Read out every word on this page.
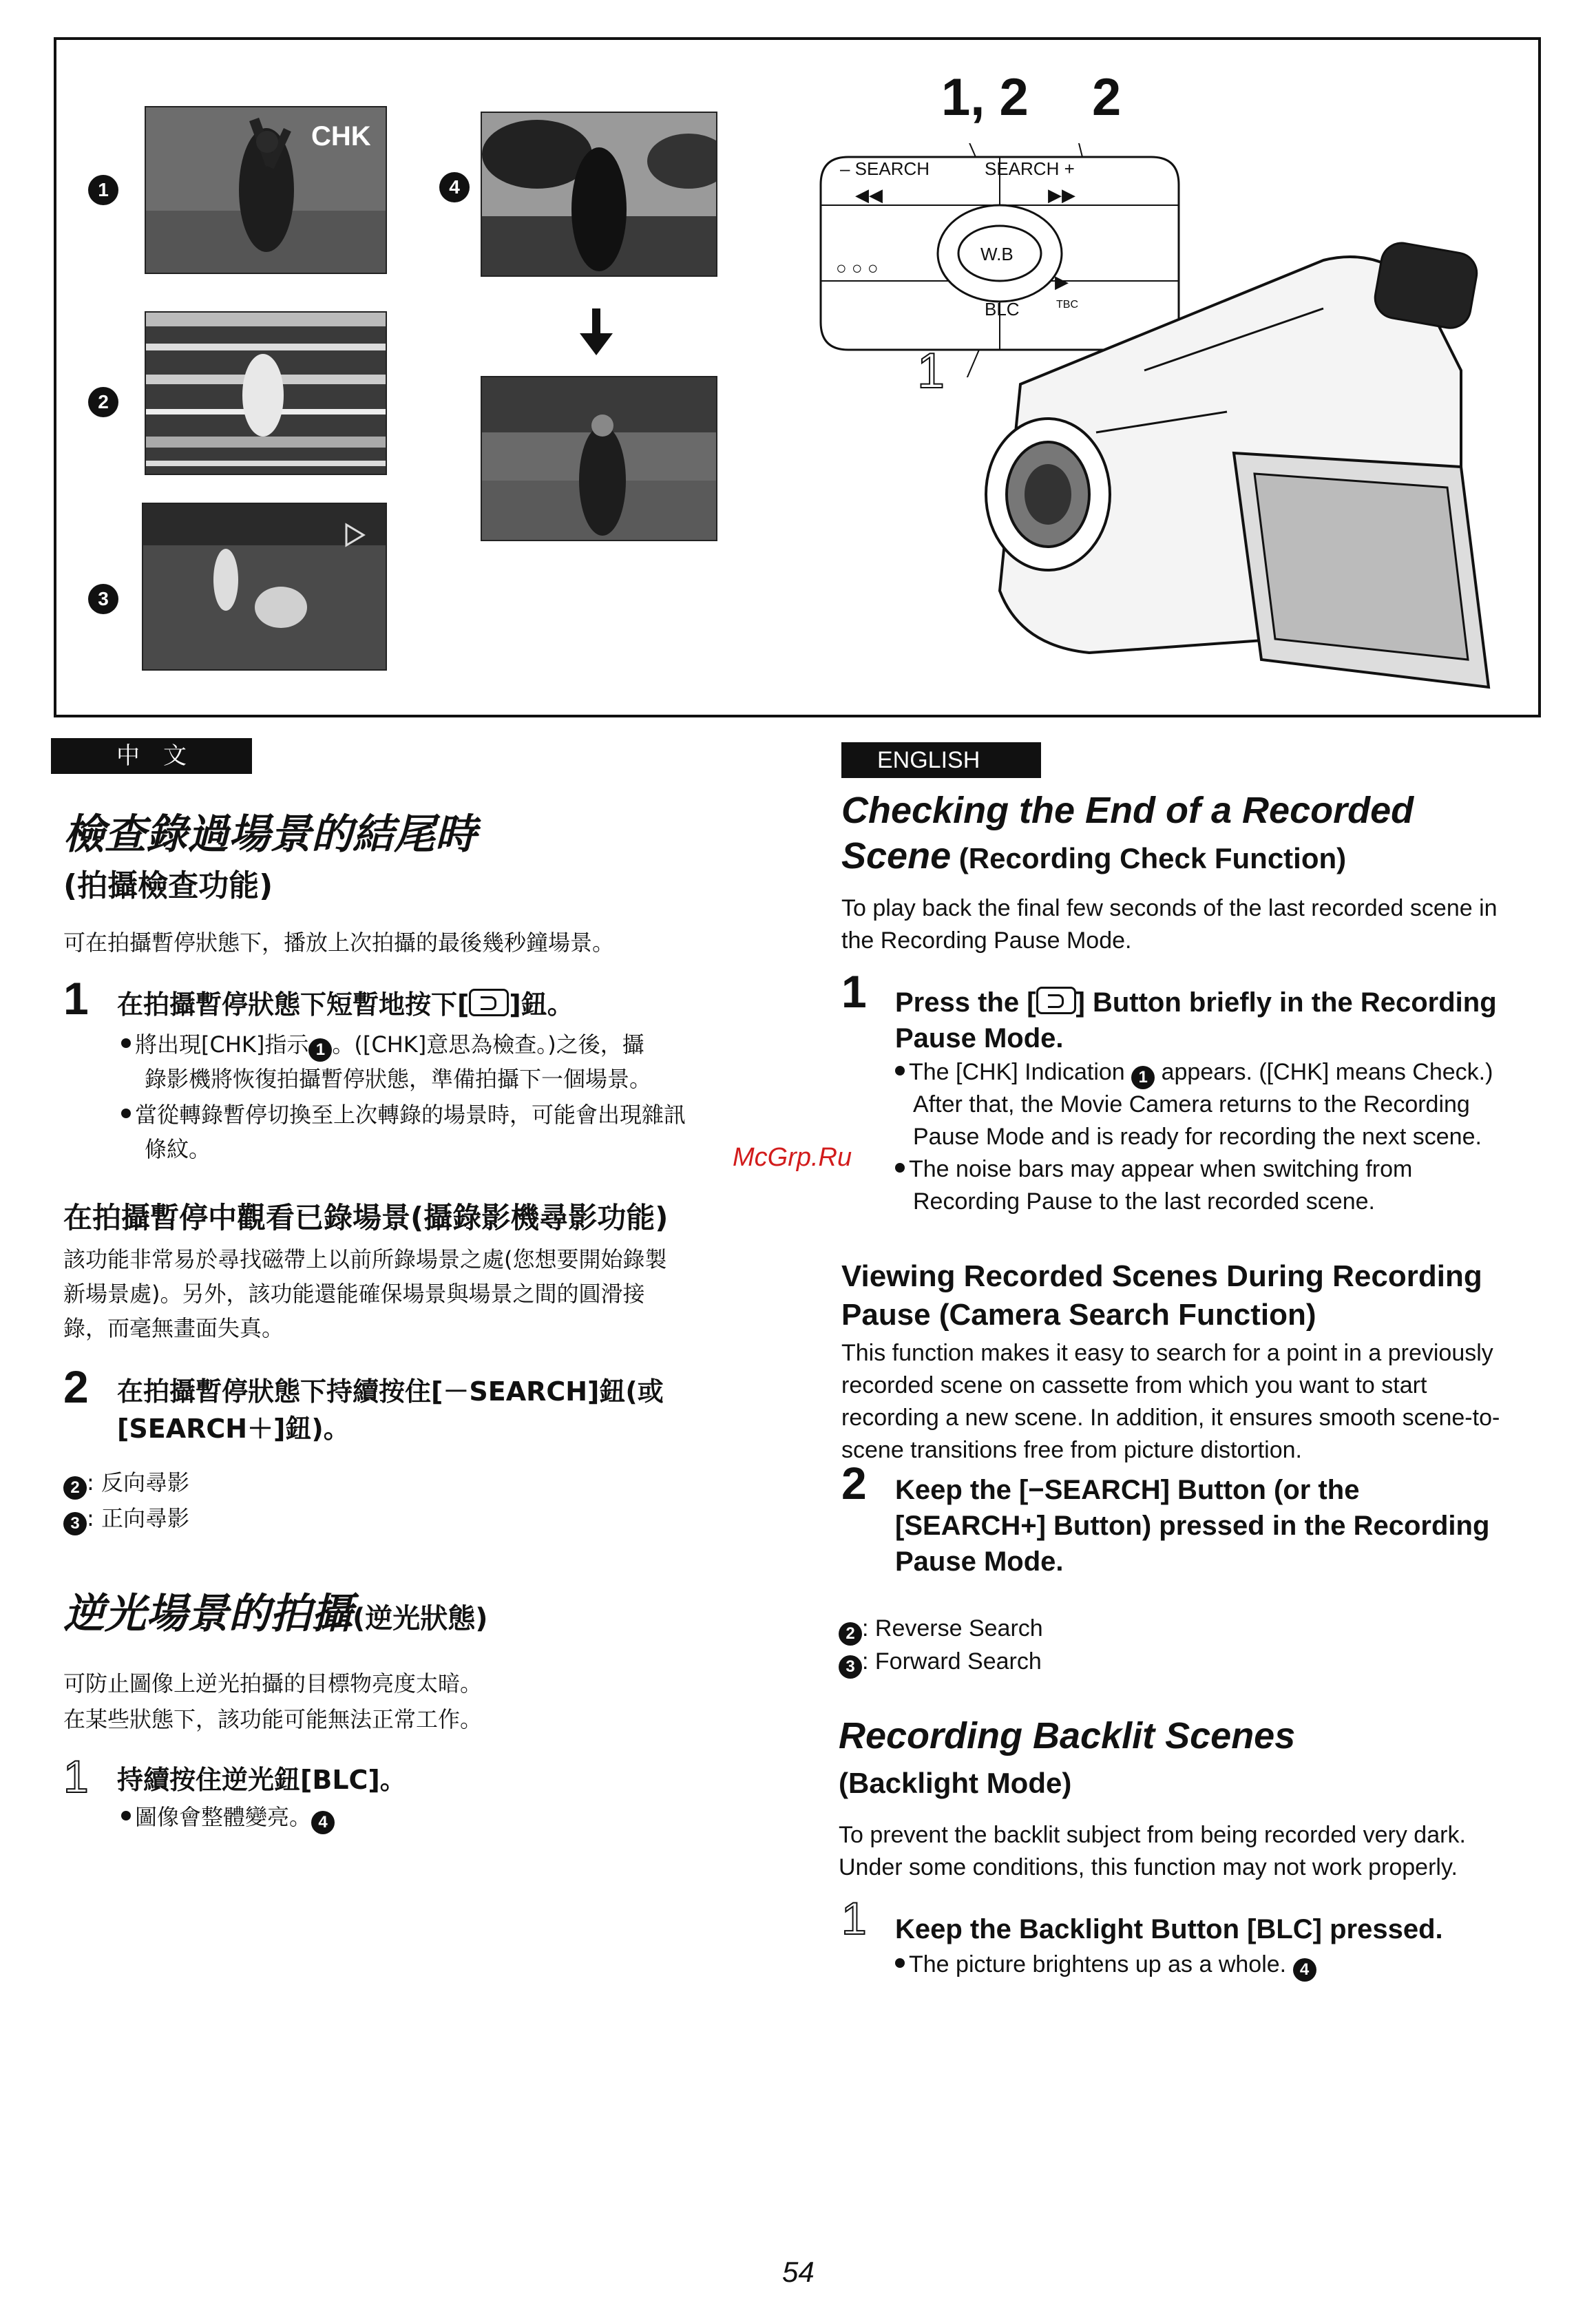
1
CHK
2
3
4
1, 2 2
– SEARCH	SEARCH +
◀◀	▶▶
W.B
○ ○ ○
▶
BLC	TBC
1
中　文
檢查錄過場景的結尾時
(拍攝檢查功能)
可在拍攝暫停狀態下，播放上次拍攝的最後幾秒鐘場景。
1 在拍攝暫停狀態下短暫地按下[ ]鈕。
將出現[CHK]指示 1 。([CHK]意思為檢查。)之後，攝
錄影機將恢復拍攝暫停狀態，準備拍攝下一個場景。
當從轉錄暫停切換至上次轉錄的場景時，可能會出現雜訊
條紋。
在拍攝暫停中觀看已錄場景(攝錄影機尋影功能)
該功能非常易於尋找磁帶上以前所錄場景之處(您想要開始錄製
新場景處)。另外，該功能還能確保場景與場景之間的圓滑接
錄，而毫無畫面失真。
2 在拍攝暫停狀態下持續按住[－SEARCH]鈕(或
[SEARCH＋]鈕)。
2 : 反向尋影
3 : 正向尋影
逆光場景的拍攝(逆光狀態)
可防止圖像上逆光拍攝的目標物亮度太暗。
在某些狀態下，該功能可能無法正常工作。
1 持續按住逆光鈕[BLC]。
圖像會整體變亮。 4
McGrp.Ru
ENGLISH
Checking the End of a Recorded
Scene (Recording Check Function)
To play back the final few seconds of the last recorded scene in
the Recording Pause Mode.
1 Press the [ ] Button briefly in the Recording
Pause Mode.
The [CHK] Indication 1 appears. ([CHK] means Check.)
After that, the Movie Camera returns to the Recording
Pause Mode and is ready for recording the next scene.
The noise bars may appear when switching from
Recording Pause to the last recorded scene.
Viewing Recorded Scenes During Recording
Pause (Camera Search Function)
This function makes it easy to search for a point in a previously
recorded scene on cassette from which you want to start
recording a new scene. In addition, it ensures smooth scene-to-
scene transitions free from picture distortion.
2 Keep the [−SEARCH] Button (or the
[SEARCH+] Button) pressed in the Recording
Pause Mode.
2 : Reverse Search
3 : Forward Search
Recording Backlit Scenes
(Backlight Mode)
To prevent the backlit subject from being recorded very dark.
Under some conditions, this function may not work properly.
1 Keep the Backlight Button [BLC] pressed.
The picture brightens up as a whole. 4
54
